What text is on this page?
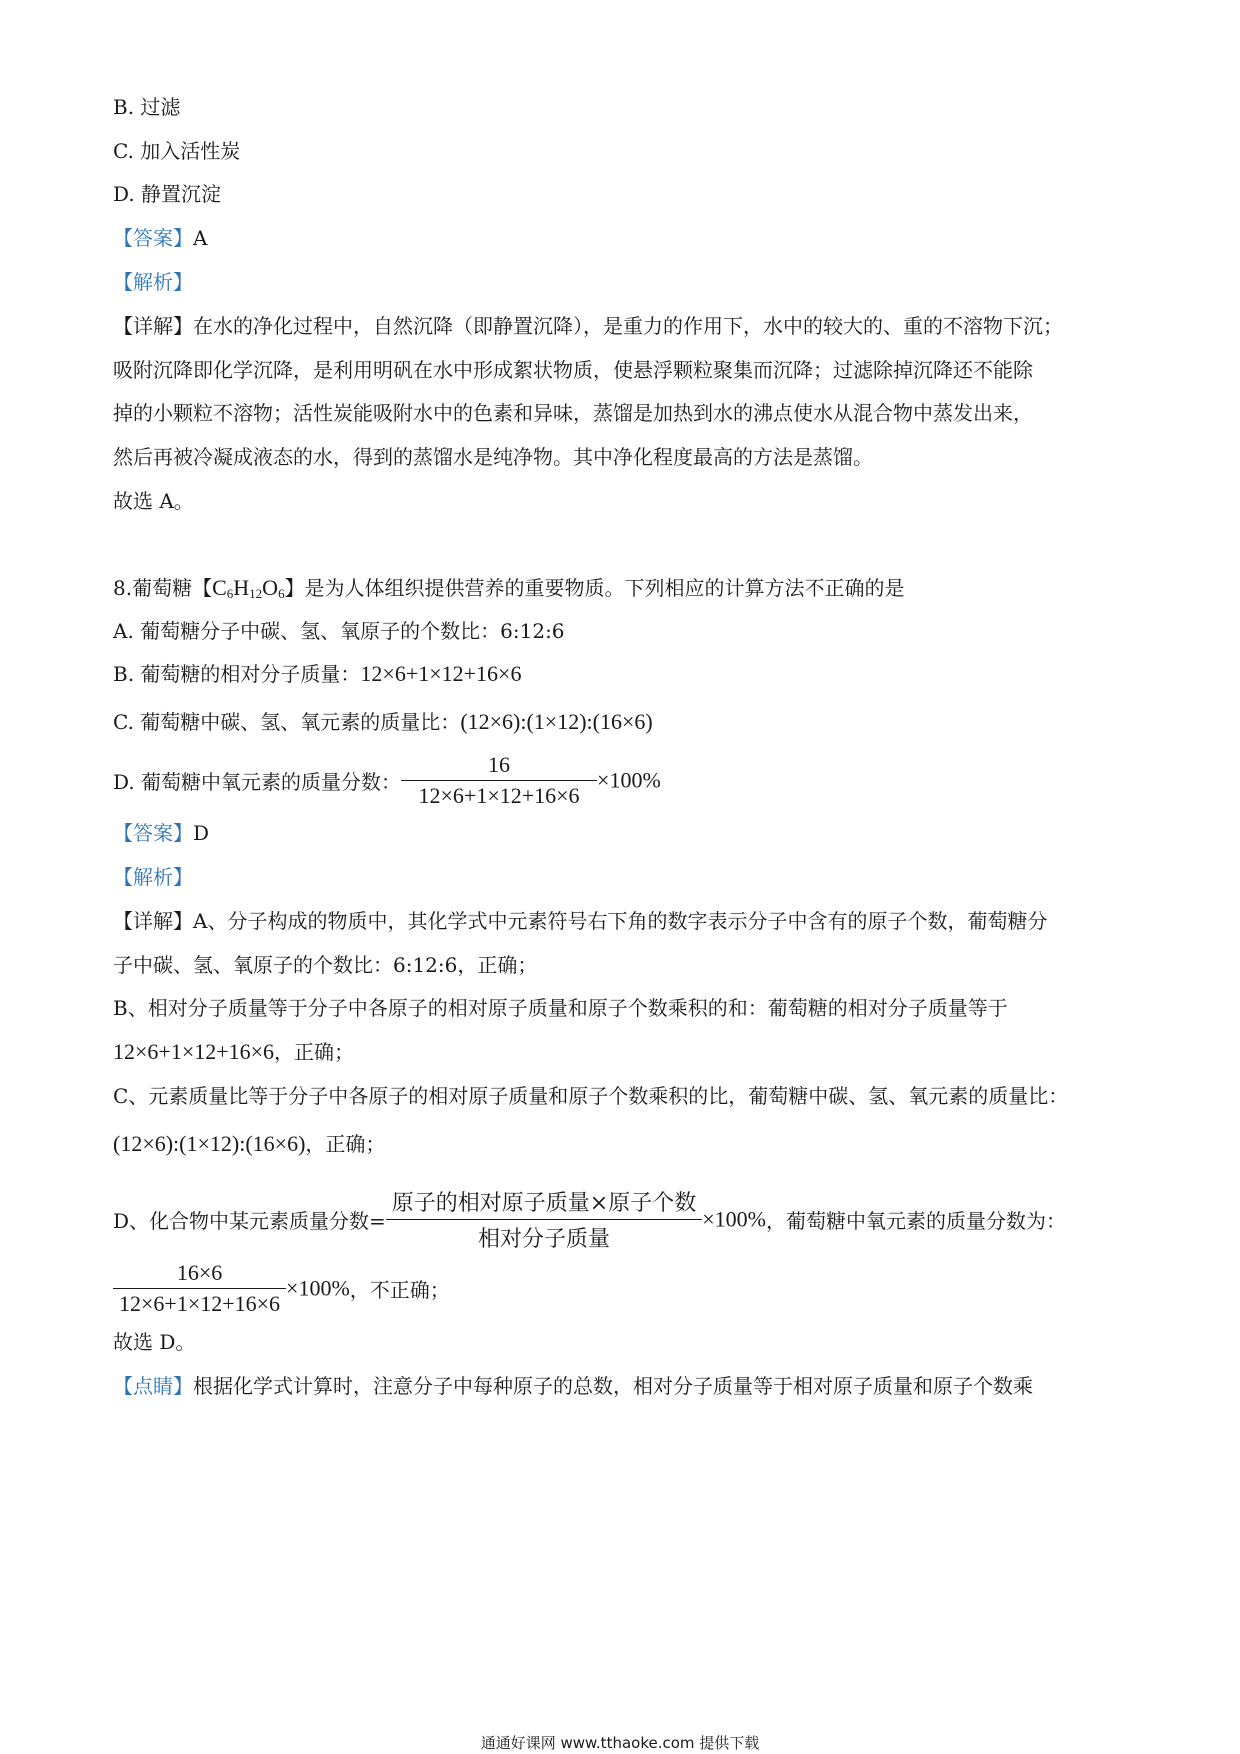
B. 过滤
C. 加入活性炭
D. 静置沉淀
【答案】A
【解析】
【详解】在水的净化过程中，自然沉降（即静置沉降），是重力的作用下，水中的较大的、重的不溶物下沉；
吸附沉降即化学沉降，是利用明矾在水中形成絮状物质，使悬浮颗粒聚集而沉降；过滤除掉沉降还不能除
掉的小颗粒不溶物；活性炭能吸附水中的色素和异味，蒸馏是加热到水的沸点使水从混合物中蒸发出来，
然后再被冷凝成液态的水，得到的蒸馏水是纯净物。其中净化程度最高的方法是蒸馏。
故选 A。
8.葡萄糖【$C_6H_{12}O_6$】是为人体组织提供营养的重要物质。下列相应的计算方法不正确的是
A. 葡萄糖分子中碳、氢、氧原子的个数比：6:12:6
B. 葡萄糖的相对分子质量：12×6+1×12+16×6
C. 葡萄糖中碳、氢、氧元素的质量比：(12×6):(1×12):(16×6)
D. 葡萄糖中氧元素的质量分数： $\frac{16}{12\times 6+1\times 12+16\times 6} \times 100\%$
【答案】D
【解析】
【详解】A、分子构成的物质中，其化学式中元素符号右下角的数字表示分子中含有的原子个数，葡萄糖分
子中碳、氢、氧原子的个数比：6:12:6，正确；
B、相对分子质量等于分子中各原子的相对原子质量和原子个数乘积的和：葡萄糖的相对分子质量等于
12×6+1×12+16×6，正确；
C、元素质量比等于分子中各原子的相对原子质量和原子个数乘积的比，葡萄糖中碳、氢、氧元素的质量比：
(12×6):(1×12):(16×6)，正确；
D、化合物中某元素质量分数= $\frac{\text{原子的相对原子质量×原子个数}}{\text{相对分子质量}} \times 100\%$，葡萄糖中氧元素的质量分数为：
$\frac{16\times 6}{12\times 6+1\times 12+16\times 6} \times 100\%$，不正确；
故选 D。
【点睛】根据化学式计算时，注意分子中每种原子的总数，相对分子质量等于相对原子质量和原子个数乘
通通好课网 www.tthaoke.com 提供下载
